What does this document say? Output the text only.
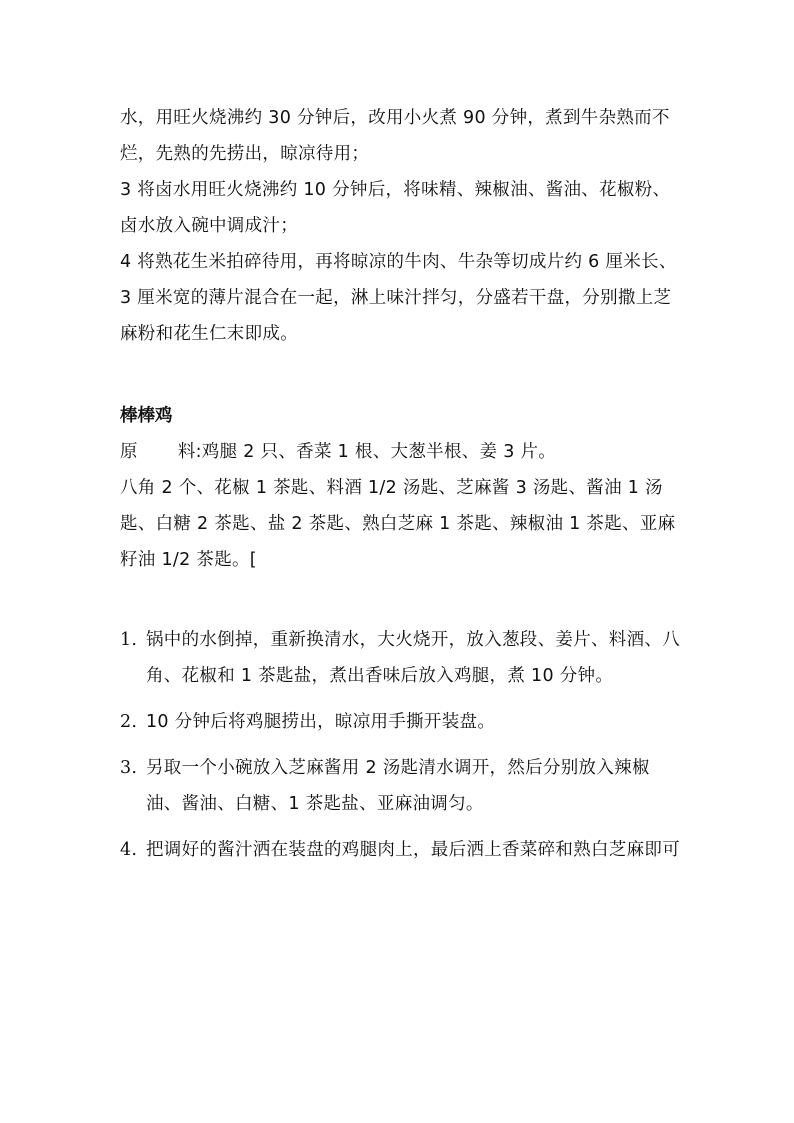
水，用旺火烧沸约 30 分钟后，改用小火煮 90 分钟，煮到牛杂熟而不烂，先熟的先捞出，晾凉待用；

3 将卤水用旺火烧沸约 10 分钟后，将味精、辣椒油、酱油、花椒粉、卤水放入碗中调成汁；

4 将熟花生米拍碎待用，再将晾凉的牛肉、牛杂等切成片约 6 厘米长、3 厘米宽的薄片混合在一起，淋上味汁拌匀，分盛若干盘，分别撒上芝麻粉和花生仁末即成。

棒棒鸡

原 料:鸡腿 2 只、香菜 1 根、大葱半根、姜 3 片。

八角 2 个、花椒 1 茶匙、料酒 1/2 汤匙、芝麻酱 3 汤匙、酱油 1 汤匙、白糖 2 茶匙、盐 2 茶匙、熟白芝麻 1 茶匙、辣椒油 1 茶匙、亚麻籽油 1/2 茶匙。[

1. 锅中的水倒掉，重新换清水，大火烧开，放入葱段、姜片、料酒、八角、花椒和 1 茶匙盐，煮出香味后放入鸡腿，煮 10 分钟。
2. 10 分钟后将鸡腿捞出，晾凉用手撕开装盘。
3. 另取一个小碗放入芝麻酱用 2 汤匙清水调开，然后分别放入辣椒油、酱油、白糖、1 茶匙盐、亚麻油调匀。
4. 把调好的酱汁洒在装盘的鸡腿肉上，最后洒上香菜碎和熟白芝麻即可
